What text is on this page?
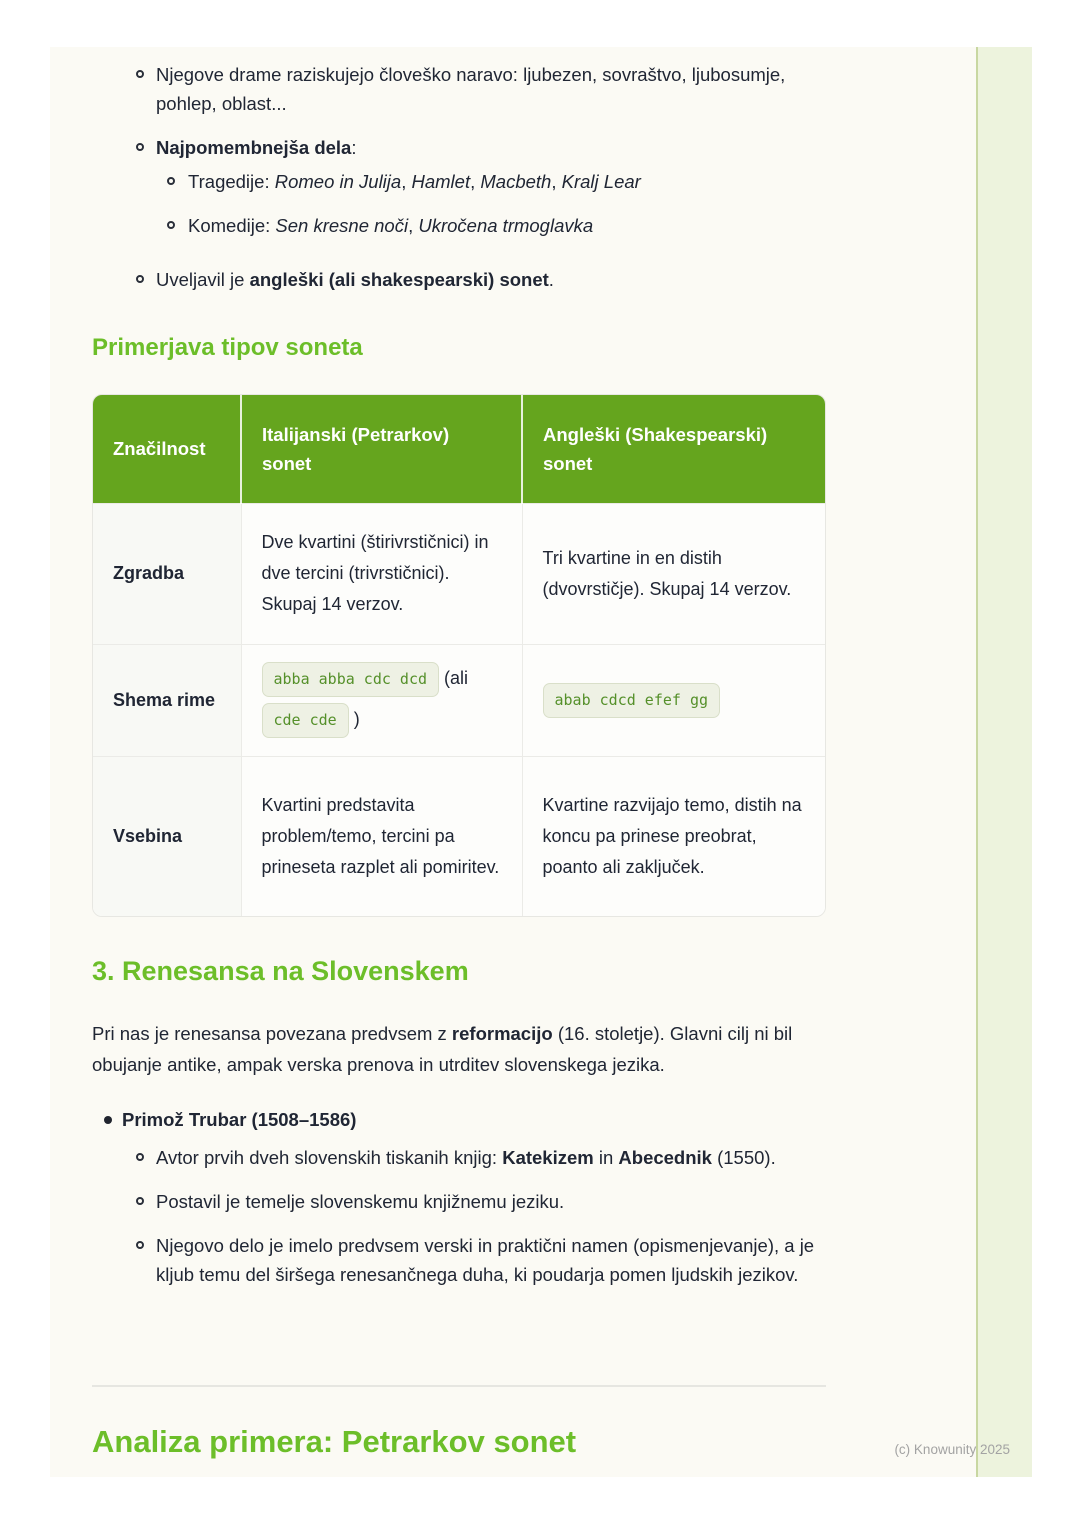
Njegove drame raziskujejo človeško naravo: ljubezen, sovraštvo, ljubosumje, pohlep, oblast...
Najpomembnejša dela:
Tragedije: Romeo in Julija, Hamlet, Macbeth, Kralj Lear
Komedije: Sen kresne noči, Ukročena trmoglavka
Uveljavil je angleški (ali shakespearski) sonet.
Primerjava tipov soneta
Značilnost	Italijanski (Petrarkov) sonet	Angleški (Shakespearski) sonet
Zgradba	Dve kvartini (štirivrstičnici) in dve tercini (trivrstičnici). Skupaj 14 verzov.	Tri kvartine in en distih (dvovrstičje). Skupaj 14 verzov.
Shema rime	abba abba cdc dcd (ali cde cde )	abab cdcd efef gg
Vsebina	Kvartini predstavita problem/temo, tercini pa prineseta razplet ali pomiritev.	Kvartine razvijajo temo, distih na koncu pa prinese preobrat, poanto ali zaključek.
3. Renesansa na Slovenskem

Pri nas je renesansa povezana predvsem z reformacijo (16. stoletje). Glavni cilj ni bil obujanje antike, ampak verska prenova in utrditev slovenskega jezika.

Primož Trubar (1508–1586)
Avtor prvih dveh slovenskih tiskanih knjig: Katekizem in Abecednik (1550).
Postavil je temelje slovenskemu knjižnemu jeziku.
Njegovo delo je imelo predvsem verski in praktični namen (opismenjevanje), a je kljub temu del širšega renesančnega duha, ki poudarja pomen ljudskih jezikov.
Analiza primera: Petrarkov sonet	(c) Knowunity 2025
